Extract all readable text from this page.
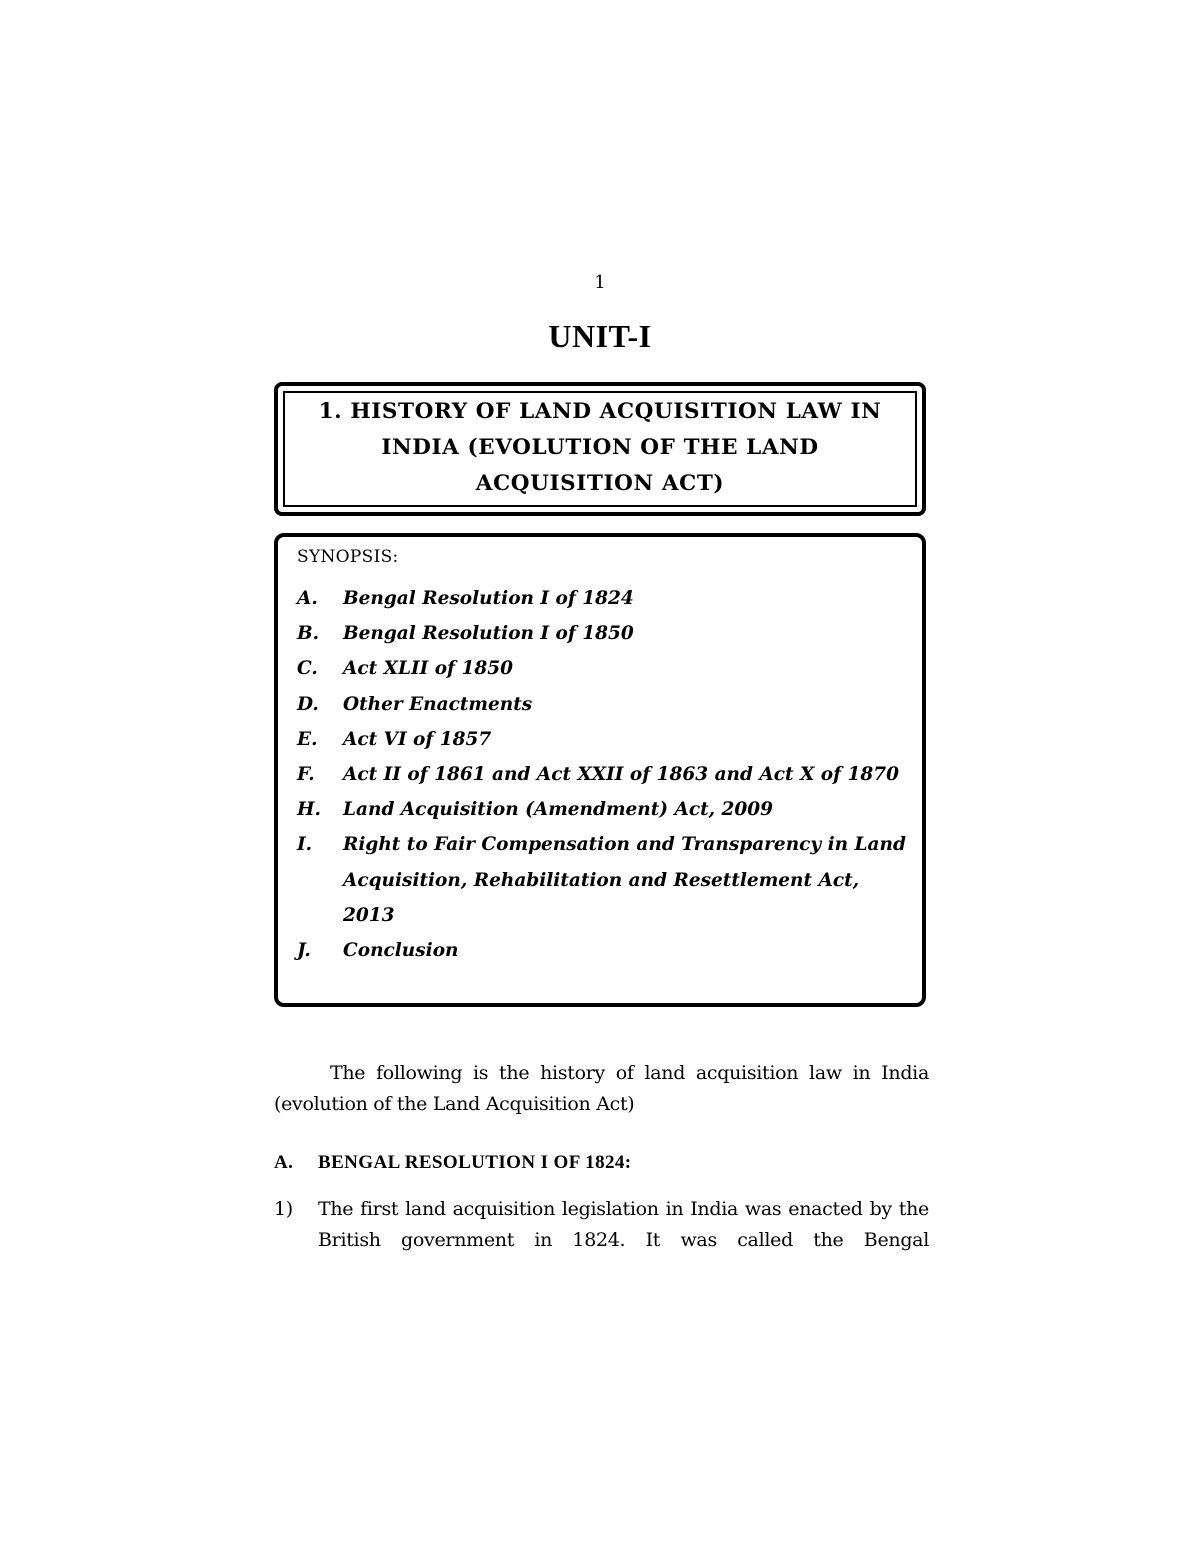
1
UNIT-I
1. HISTORY OF LAND ACQUISITION LAW IN INDIA (EVOLUTION OF THE LAND ACQUISITION ACT)
SYNOPSIS:
A.	Bengal Resolution I of 1824
B.	Bengal Resolution I of 1850
C.	Act XLII of 1850
D.	Other Enactments
E.	Act VI of 1857
F.	Act II of 1861 and Act XXII of 1863 and Act X of 1870
H.	Land Acquisition (Amendment) Act, 2009
I.	Right to Fair Compensation and Transparency in Land Acquisition, Rehabilitation and Resettlement Act, 2013
J.	Conclusion

The following is the history of land acquisition law in India (evolution of the Land Acquisition Act)

A.	BENGAL RESOLUTION I OF 1824:
1)	The first land acquisition legislation in India was enacted by the British government in 1824. It was called the Bengal
